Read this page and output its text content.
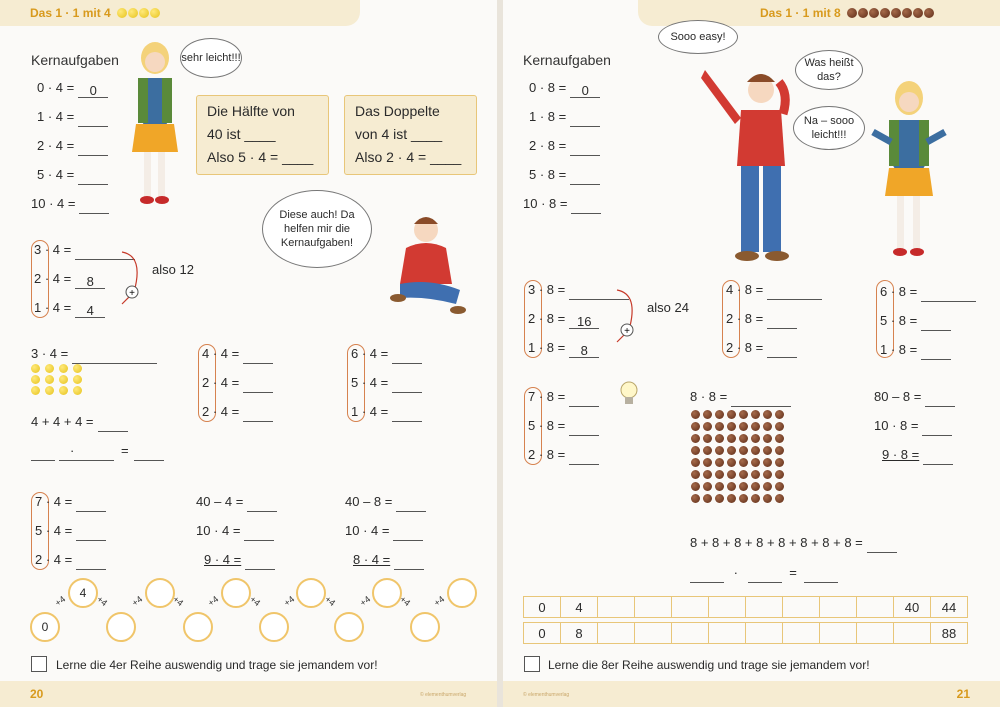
Das 1 · 1 mit 4
Kernaufgaben
0 · 4 = 0
1 · 4 =
2 · 4 =
5 · 4 =
10 · 4 =
sehr leicht!!!
Die Hälfte von
40 ist ____
Also 5 · 4 = ____
Das Doppelte
von 4 ist ____
Also 2 · 4 = ____
Diese auch! Da helfen mir die Kernaufgaben!
3 · 4 =
2 · 4 = 8
1 · 4 = 4
+
also 12
3 · 4 =
4 + 4 + 4 =

·	=
4 · 4 =
2 · 4 =
2 · 4 =
6 · 4 =
5 · 4 =
1 · 4 =
7 · 4 =
5 · 4 =
2 · 4 =
40 – 4 =
10 · 4 =
9 · 4 =
40 – 8 =
10 · 4 =
8 · 4 =
0
4
+4	+4 +4	+4 +4	+4 +4	+4 +4	+4 +4
Lerne die 4er Reihe auswendig und trage sie jemandem vor!
20	© elementhumverlag
Das 1 · 1 mit 8
Kernaufgaben
0 · 8 = 0
1 · 8 =
2 · 8 =
5 · 8 =
10 · 8 =
Sooo easy!
Was heißt das?
Na – sooo leicht!!!
3 · 8 =
2 · 8 = 16
1 · 8 = 8
+
also 24
4 · 8 =
2 · 8 =
2 · 8 =
6 · 8 =
5 · 8 =
1 · 8 =
7 · 8 =
5 · 8 =
2 · 8 =
8 · 8 =
8 + 8 + 8 + 8 + 8 + 8 + 8 + 8 =
·	=
80 – 8 =
10 · 8 =
9 · 8 =
0	4									40	44
0	8										88
Lerne die 8er Reihe auswendig und trage sie jemandem vor!
21
© elementhumverlag
